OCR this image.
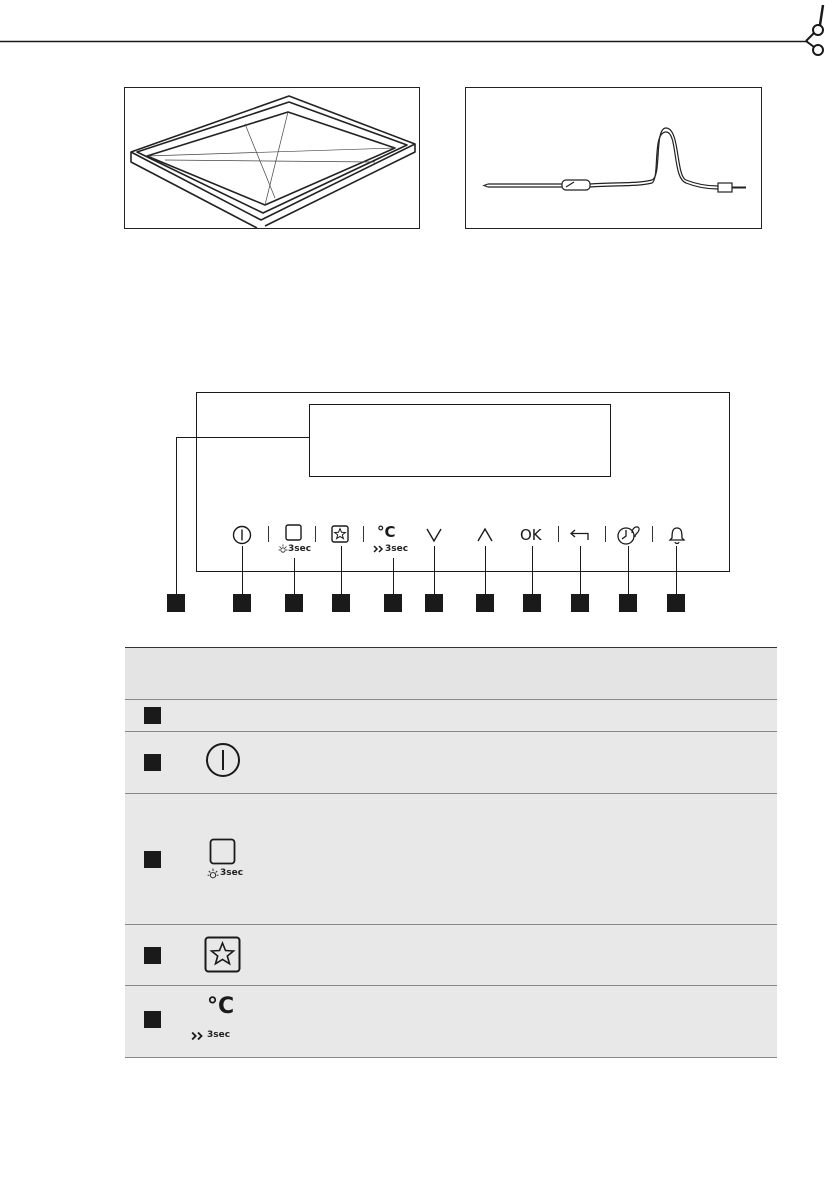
3sec
°C
3sec
OK
3sec
°C
3sec
